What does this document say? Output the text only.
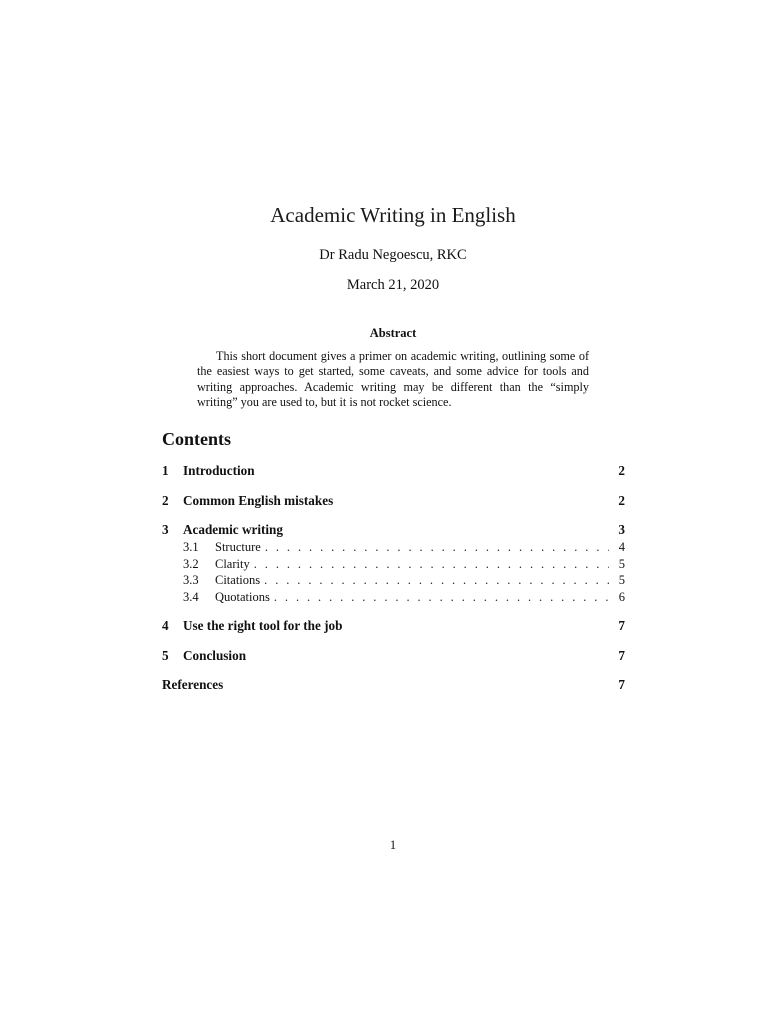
Academic Writing in English
Dr Radu Negoescu, RKC
March 21, 2020
Abstract
This short document gives a primer on academic writing, outlining some of the easiest ways to get started, some caveats, and some advice for tools and writing approaches. Academic writing may be different than the “simply writing” you are used to, but it is not rocket science.
Contents
1	Introduction	2
2	Common English mistakes	2
3	Academic writing	3
3.1	Structure . . .	4
3.2	Clarity . . .	5
3.3	Citations . . .	5
3.4	Quotations . . .	6
4	Use the right tool for the job	7
5	Conclusion	7
References	7
1
